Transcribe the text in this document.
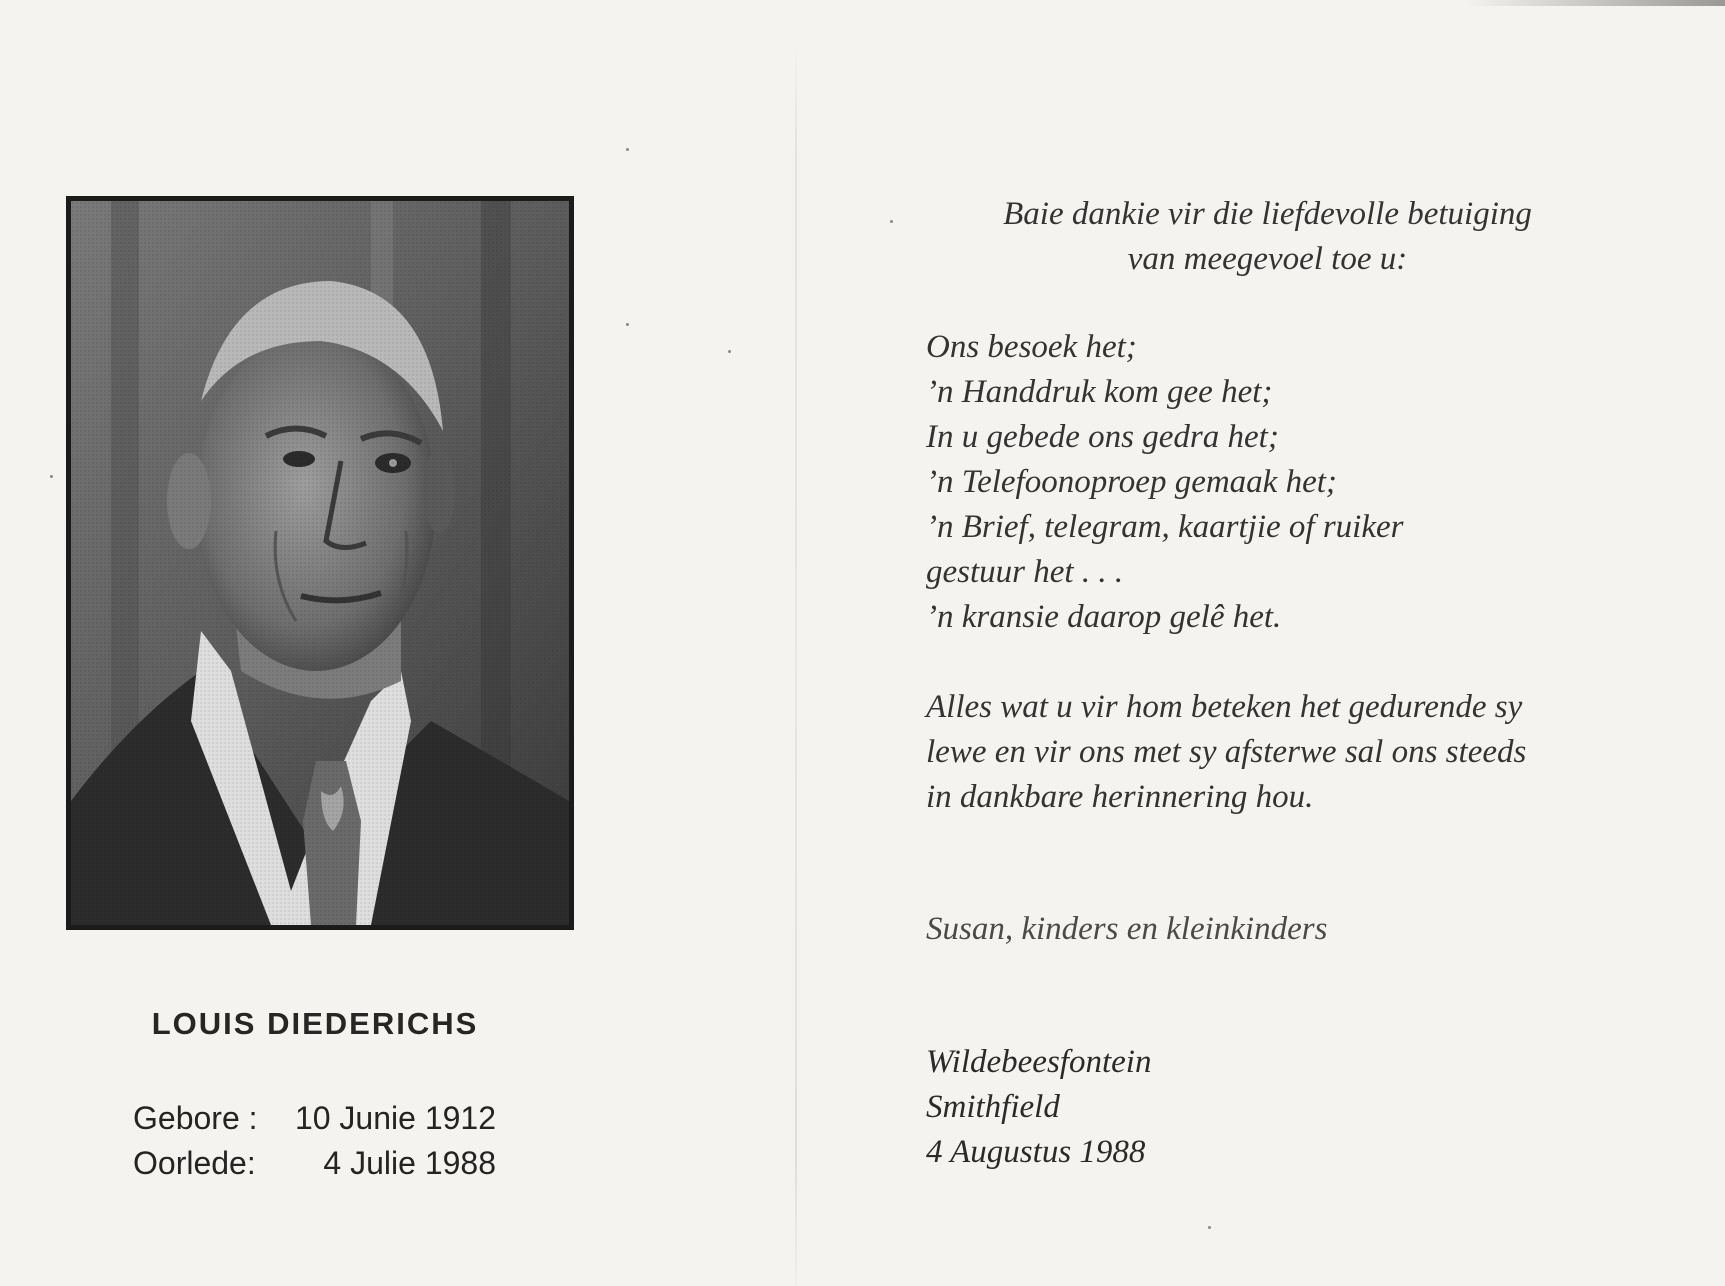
LOUIS DIEDERICHS
Gebore :	10 Junie 1912
Oorlede:	4 Julie 1988
Baie dankie vir die liefdevolle betuiging
van meegevoel toe u:
Ons besoek het;
’n Handdruk kom gee het;
In u gebede ons gedra het;
’n Telefoonoproep gemaak het;
’n Brief, telegram, kaartjie of ruiker
gestuur het . . .
’n kransie daarop gelê het.
Alles wat u vir hom beteken het gedurende sy
lewe en vir ons met sy afsterwe sal ons steeds
in dankbare herinnering hou.
Susan, kinders en kleinkinders
Wildebeesfontein
Smithfield
4 Augustus 1988
